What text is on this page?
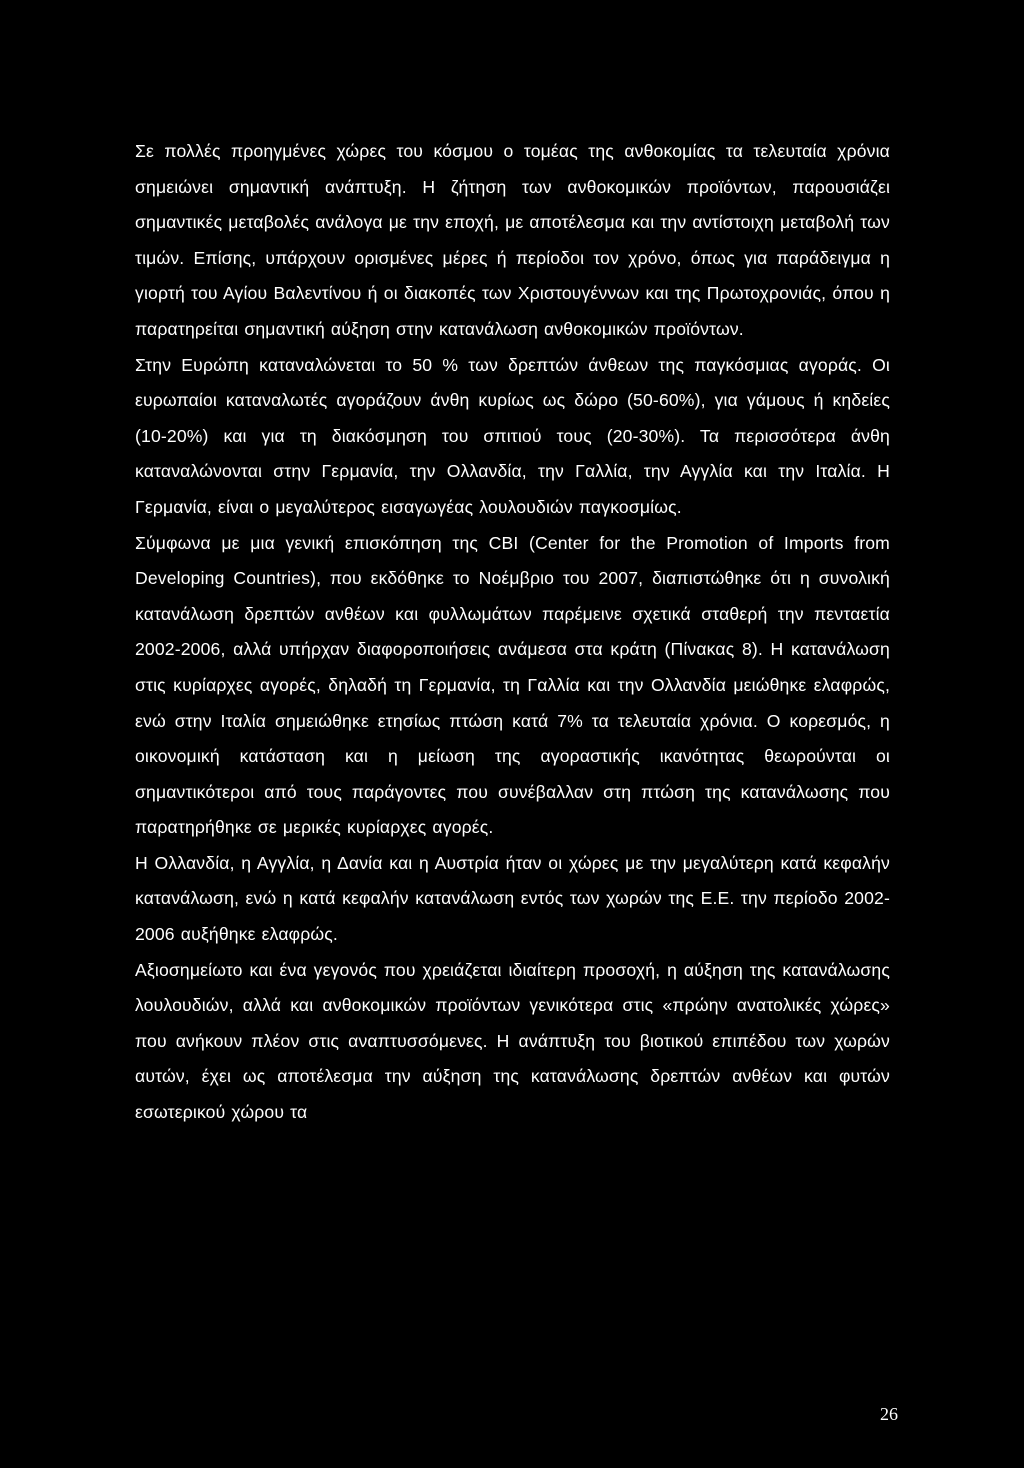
Σε πολλές προηγμένες χώρες του κόσμου ο τομέας της ανθοκομίας τα τελευταία χρόνια σημειώνει σημαντική ανάπτυξη. Η ζήτηση των ανθοκομικών προϊόντων, παρουσιάζει σημαντικές μεταβολές ανάλογα με την εποχή, με αποτέλεσμα και την αντίστοιχη μεταβολή των τιμών. Επίσης, υπάρχουν ορισμένες μέρες ή περίοδοι τον χρόνο, όπως για παράδειγμα η γιορτή του Αγίου Βαλεντίνου ή οι διακοπές των Χριστουγέννων και της Πρωτοχρονιάς, όπου η παρατηρείται σημαντική αύξηση στην κατανάλωση ανθοκομικών προϊόντων.

Στην Ευρώπη καταναλώνεται το 50 % των δρεπτών άνθεων της παγκόσμιας αγοράς. Οι ευρωπαίοι καταναλωτές αγοράζουν άνθη κυρίως ως δώρο (50-60%), για γάμους ή κηδείες (10-20%) και για τη διακόσμηση του σπιτιού τους (20-30%). Τα περισσότερα άνθη καταναλώνονται στην Γερμανία, την Ολλανδία, την Γαλλία, την Αγγλία και την Ιταλία. Η Γερμανία, είναι ο μεγαλύτερος εισαγωγέας λουλουδιών παγκοσμίως.

Σύμφωνα με μια γενική επισκόπηση της CBI (Center for the Promotion of Imports from Developing Countries), που εκδόθηκε το Νοέμβριο του 2007, διαπιστώθηκε ότι η συνολική κατανάλωση δρεπτών ανθέων και φυλλωμάτων παρέμεινε σχετικά σταθερή την πενταετία 2002-2006, αλλά υπήρχαν διαφοροποιήσεις ανάμεσα στα κράτη (Πίνακας 8). Η κατανάλωση στις κυρίαρχες αγορές, δηλαδή τη Γερμανία, τη Γαλλία και την Ολλανδία μειώθηκε ελαφρώς, ενώ στην Ιταλία σημειώθηκε ετησίως πτώση κατά 7% τα τελευταία χρόνια. Ο κορεσμός, η οικονομική κατάσταση και η μείωση της αγοραστικής ικανότητας θεωρούνται οι σημαντικότεροι από τους παράγοντες που συνέβαλλαν στη πτώση της κατανάλωσης που παρατηρήθηκε σε μερικές κυρίαρχες αγορές.

Η Ολλανδία, η Αγγλία, η Δανία και η Αυστρία ήταν οι χώρες με την μεγαλύτερη κατά κεφαλήν κατανάλωση, ενώ η κατά κεφαλήν κατανάλωση εντός των χωρών της Ε.Ε. την περίοδο 2002-2006 αυξήθηκε ελαφρώς.

Αξιοσημείωτο και ένα γεγονός που χρειάζεται ιδιαίτερη προσοχή, η αύξηση της κατανάλωσης λουλουδιών, αλλά και ανθοκομικών προϊόντων γενικότερα στις «πρώην ανατολικές χώρες» που ανήκουν πλέον στις αναπτυσσόμενες. Η ανάπτυξη του βιοτικού επιπέδου των χωρών αυτών, έχει ως αποτέλεσμα την αύξηση της κατανάλωσης δρεπτών ανθέων και φυτών εσωτερικού χώρου τα

26
